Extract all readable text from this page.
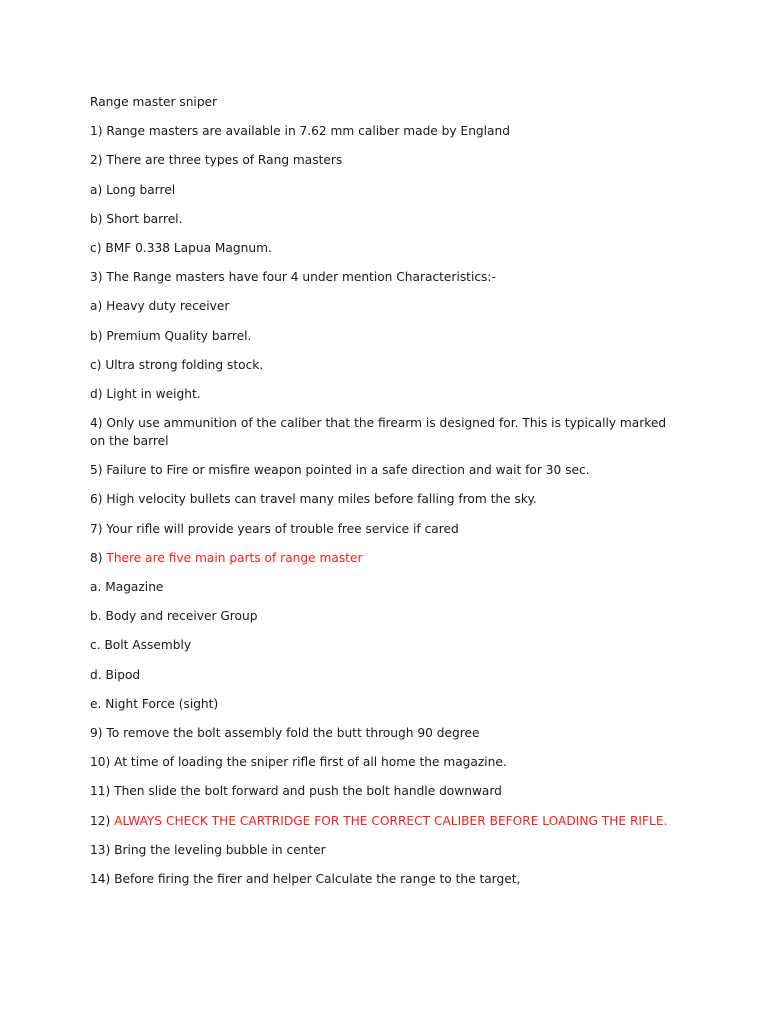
Range master sniper

1) Range masters are available in 7.62 mm caliber made by England

2) There are three types of Rang masters

a) Long barrel

b) Short barrel.

c) BMF 0.338 Lapua Magnum.

3) The Range masters have four 4 under mention Characteristics:-

a) Heavy duty receiver

b) Premium Quality barrel.

c) Ultra strong folding stock.

d) Light in weight.

4) Only use ammunition of the caliber that the firearm is designed for. This is typically marked on the barrel

5) Failure to Fire or misfire weapon pointed in a safe direction and wait for 30 sec.

6) High velocity bullets can travel many miles before falling from the sky.

7) Your rifle will provide years of trouble free service if cared

8) There are five main parts of range master

a. Magazine

b. Body and receiver Group

c. Bolt Assembly

d. Bipod

e. Night Force (sight)

9) To remove the bolt assembly fold the butt through 90 degree

10) At time of loading the sniper rifle first of all home the magazine.

11) Then slide the bolt forward and push the bolt handle downward

12) ALWAYS CHECK THE CARTRIDGE FOR THE CORRECT CALIBER BEFORE LOADING THE RIFLE.

13) Bring the leveling bubble in center

14) Before firing the firer and helper Calculate the range to the target,
